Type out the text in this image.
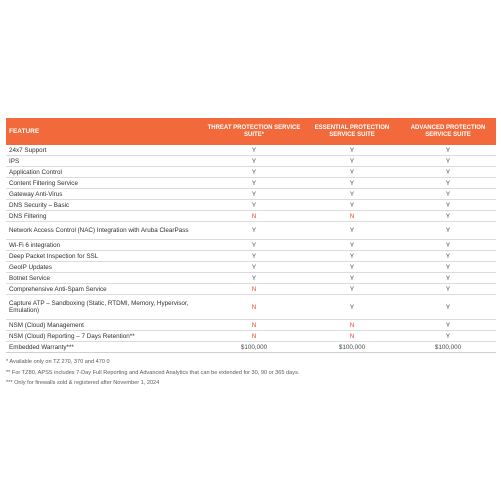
FEATURE	THREAT PROTECTION SERVICE SUITE*	ESSENTIAL PROTECTION SERVICE SUITE	ADVANCED PROTECTION SERVICE SUITE
24x7 Support	Y	Y	Y
IPS	Y	Y	Y
Application Control	Y	Y	Y
Content Filtering Service	Y	Y	Y
Gateway Anti-Virus	Y	Y	Y
DNS Security – Basic	Y	Y	Y
DNS Filtering	N	N	Y
Network Access Control (NAC) Integration with Aruba ClearPass	Y	Y	Y
Wi-Fi 6 integration	Y	Y	Y
Deep Packet Inspection for SSL	Y	Y	Y
GeoIP Updates	Y	Y	Y
Botnet Service	Y	Y	Y
Comprehensive Anti-Spam Service	N	Y	Y
Capture ATP – Sandboxing (Static, RTDMI, Memory, Hypervisor, Emulation)	N	Y	Y
NSM (Cloud) Management	N	N	Y
NSM (Cloud) Reporting – 7 Days Retention**	N	N	Y
Embedded Warranty***	$100,000	$100,000	$100,000
* Available only on TZ 270, 370 and 470 0
** For TZ80, APSS includes 7-Day Full Reporting and Advanced Analytics that can be extended for 30, 90 or 365 days.
*** Only for firewalls sold & registered after November 1, 2024
